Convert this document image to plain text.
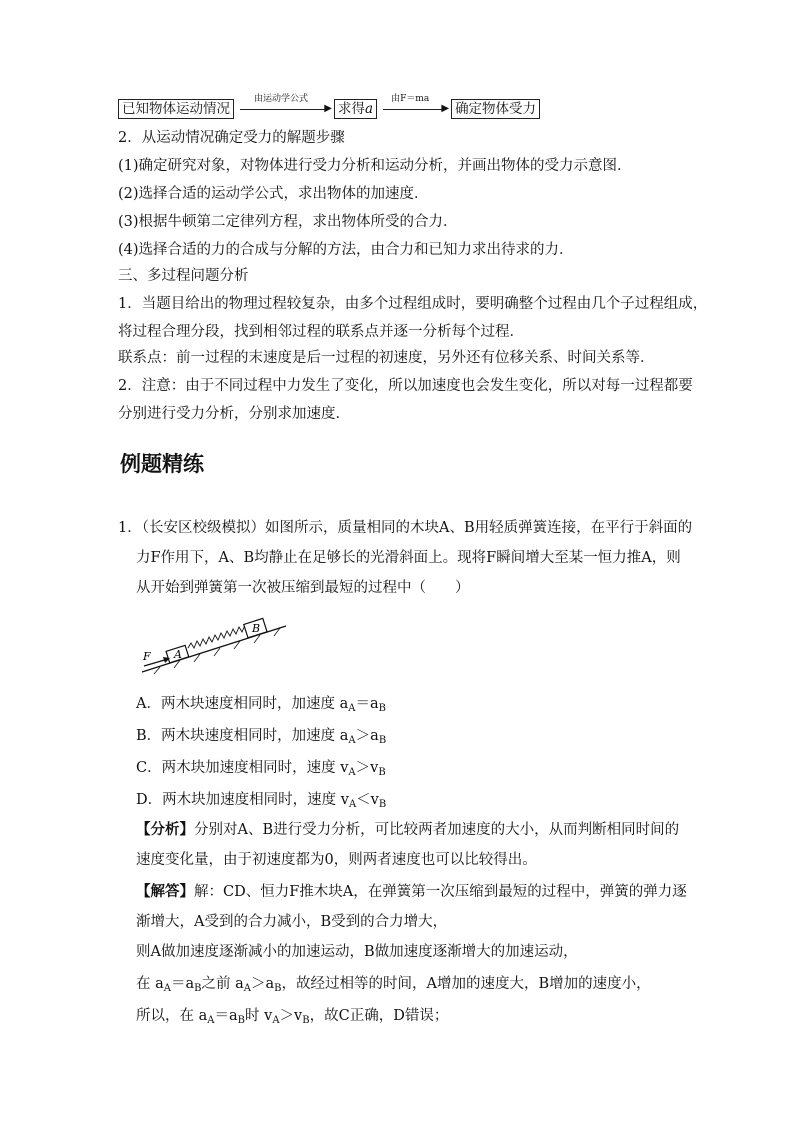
已知物体运动情况
由运动学公式
▶ 求得a
由F＝ma
▶ 确定物体受力
2．从运动情况确定受力的解题步骤
(1)确定研究对象，对物体进行受力分析和运动分析，并画出物体的受力示意图．
(2)选择合适的运动学公式，求出物体的加速度．
(3)根据牛顿第二定律列方程，求出物体所受的合力．
(4)选择合适的力的合成与分解的方法，由合力和已知力求出待求的力．
三、多过程问题分析
1．当题目给出的物理过程较复杂，由多个过程组成时，要明确整个过程由几个子过程组成，
将过程合理分段，找到相邻过程的联系点并逐一分析每个过程．
联系点：前一过程的末速度是后一过程的初速度，另外还有位移关系、时间关系等．
2．注意：由于不同过程中力发生了变化，所以加速度也会发生变化，所以对每一过程都要
分别进行受力分析，分别求加速度．
例题精练
1．（长安区校级模拟）如图所示，质量相同的木块A、B用轻质弹簧连接，在平行于斜面的
力F作用下，A、B均静止在足够长的光滑斜面上。现将F瞬间增大至某一恒力推A，则
从开始到弹簧第一次被压缩到最短的过程中（　　）
F A
B
A．两木块速度相同时，加速度 $a_A=a_B$
B．两木块速度相同时，加速度 $a_A>a_B$
C．两木块加速度相同时，速度 $v_A>v_B$
D．两木块加速度相同时，速度 $v_A<v_B$
【分析】分别对A、B进行受力分析，可比较两者加速度的大小，从而判断相同时间的
速度变化量，由于初速度都为0，则两者速度也可以比较得出。
【解答】解：CD、恒力F推木块A，在弹簧第一次压缩到最短的过程中，弹簧的弹力逐
渐增大，A受到的合力减小，B受到的合力增大，
则A做加速度逐渐减小的加速运动，B做加速度逐渐增大的加速运动，
在 $a_A=a_B$之前 $a_A>a_B$，故经过相等的时间，A增加的速度大，B增加的速度小，
所以，在 $a_A=a_B$时 $v_A>v_B$，故C正确，D错误；
